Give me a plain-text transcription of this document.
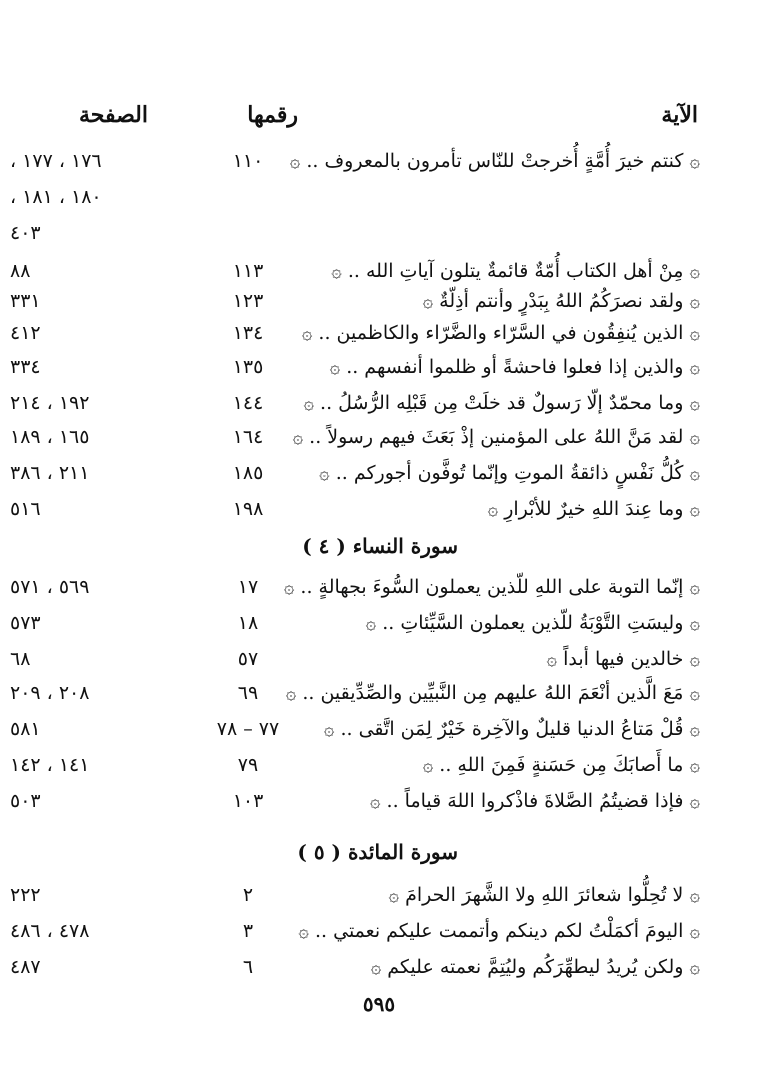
الآية
رقمها
الصفحة
۞ كنتم خيرَ أُمَّةٍ أُخرجتْ للنّاس تأمرون بالمعروف .. ۞
١١٠
١٧٦ ، ١٧٧ ،
١٨٠ ، ١٨١ ،
٤٠٣
۞ مِنْ أهل الكتاب أُمّةٌ قائمةٌ يتلون آياتِ الله .. ۞
١١٣
٨٨
۞ ولقد نصرَكُمُ اللهُ بِبَدْرٍ وأنتم أذِلّةٌ ۞
١٢٣
٣٣١
۞ الذين يُنفِقُون في السَّرّاء والضَّرّاء والكاظمين .. ۞
١٣٤
٤١٢
۞ والذين إذا فعلوا فاحشةً أو ظلموا أنفسهم .. ۞
١٣٥
٣٣٤
۞ وما محمّدٌ إلّا رَسولٌ قد خلَتْ مِن قَبْلِه الرُّسُلُ .. ۞
١٤٤
١٩٢ ، ٢١٤
۞ لقد مَنَّ اللهُ على المؤمنين إذْ بَعَثَ فيهم رسولاً .. ۞
١٦٤
١٦٥ ، ١٨٩
۞ كُلُّ نَفْسٍ ذائقةُ الموتِ وإنّما تُوفَّون أجوركم .. ۞
١٨٥
٢١١ ، ٣٨٦
۞ وما عِندَ اللهِ خيرٌ للأبْرارِ ۞
١٩٨
٥١٦
سورة النساء ( ٤ )
۞ إنّما التوبة على اللهِ للّذين يعملون السُّوءَ بجهالةٍ .. ۞
١٧
٥٦٩ ، ٥٧١
۞ وليسَتِ التَّوْبَةُ للّذين يعملون السَّيِّئاتِ .. ۞
١٨
٥٧٣
۞ خالدين فيها أبداً ۞
٥٧
٦٨
۞ مَعَ الَّذين أنْعَمَ اللهُ عليهم مِن النَّبيِّين والصِّدِّيقين .. ۞
٦٩
٢٠٨ ، ٢٠٩
۞ قُلْ مَتاعُ الدنيا قليلٌ والآخِرة خَيْرٌ لِمَن اتَّقى .. ۞
٧٧ – ٧٨
٥٨١
۞ ما أَصابَكَ مِن حَسَنةٍ فَمِنَ اللهِ .. ۞
٧٩
١٤١ ، ١٤٢
۞ فإذا قضيتُمُ الصَّلاةَ فاذْكروا اللهَ قياماً .. ۞
١٠٣
٥٠٣
سورة المائدة ( ٥ )
۞ لا تُحِلُّوا شعائرَ اللهِ ولا الشَّهرَ الحرامَ ۞
٢
٢٢٢
۞ اليومَ أكمَلْتُ لكم دينكم وأتممت عليكم نعمتي .. ۞
٣
٤٧٨ ، ٤٨٦
۞ ولكن يُريدُ ليطهِّرَكُم وليُتِمَّ نعمته عليكم ۞
٦
٤٨٧
٥٩٥
